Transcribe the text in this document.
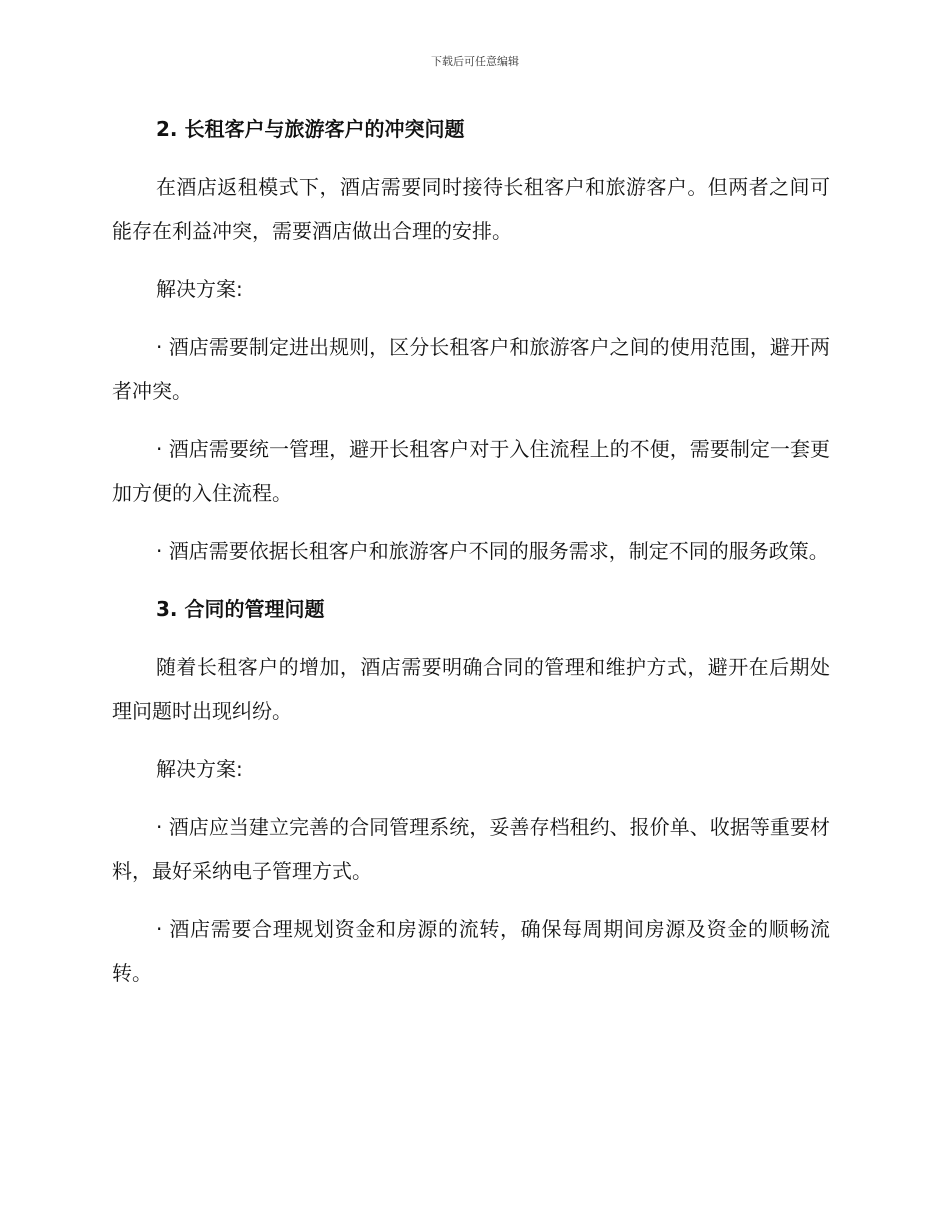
下载后可任意编辑
2. 长租客户与旅游客户的冲突问题

在酒店返租模式下，酒店需要同时接待长租客户和旅游客户。但两者之间可能存在利益冲突，需要酒店做出合理的安排。

解决方案:

· 酒店需要制定进出规则，区分长租客户和旅游客户之间的使用范围，避开两者冲突。

· 酒店需要统一管理，避开长租客户对于入住流程上的不便，需要制定一套更加方便的入住流程。

· 酒店需要依据长租客户和旅游客户不同的服务需求，制定不同的服务政策。

3. 合同的管理问题

随着长租客户的增加，酒店需要明确合同的管理和维护方式，避开在后期处理问题时出现纠纷。

解决方案:

· 酒店应当建立完善的合同管理系统，妥善存档租约、报价单、收据等重要材料，最好采纳电子管理方式。

· 酒店需要合理规划资金和房源的流转，确保每周期间房源及资金的顺畅流转。
